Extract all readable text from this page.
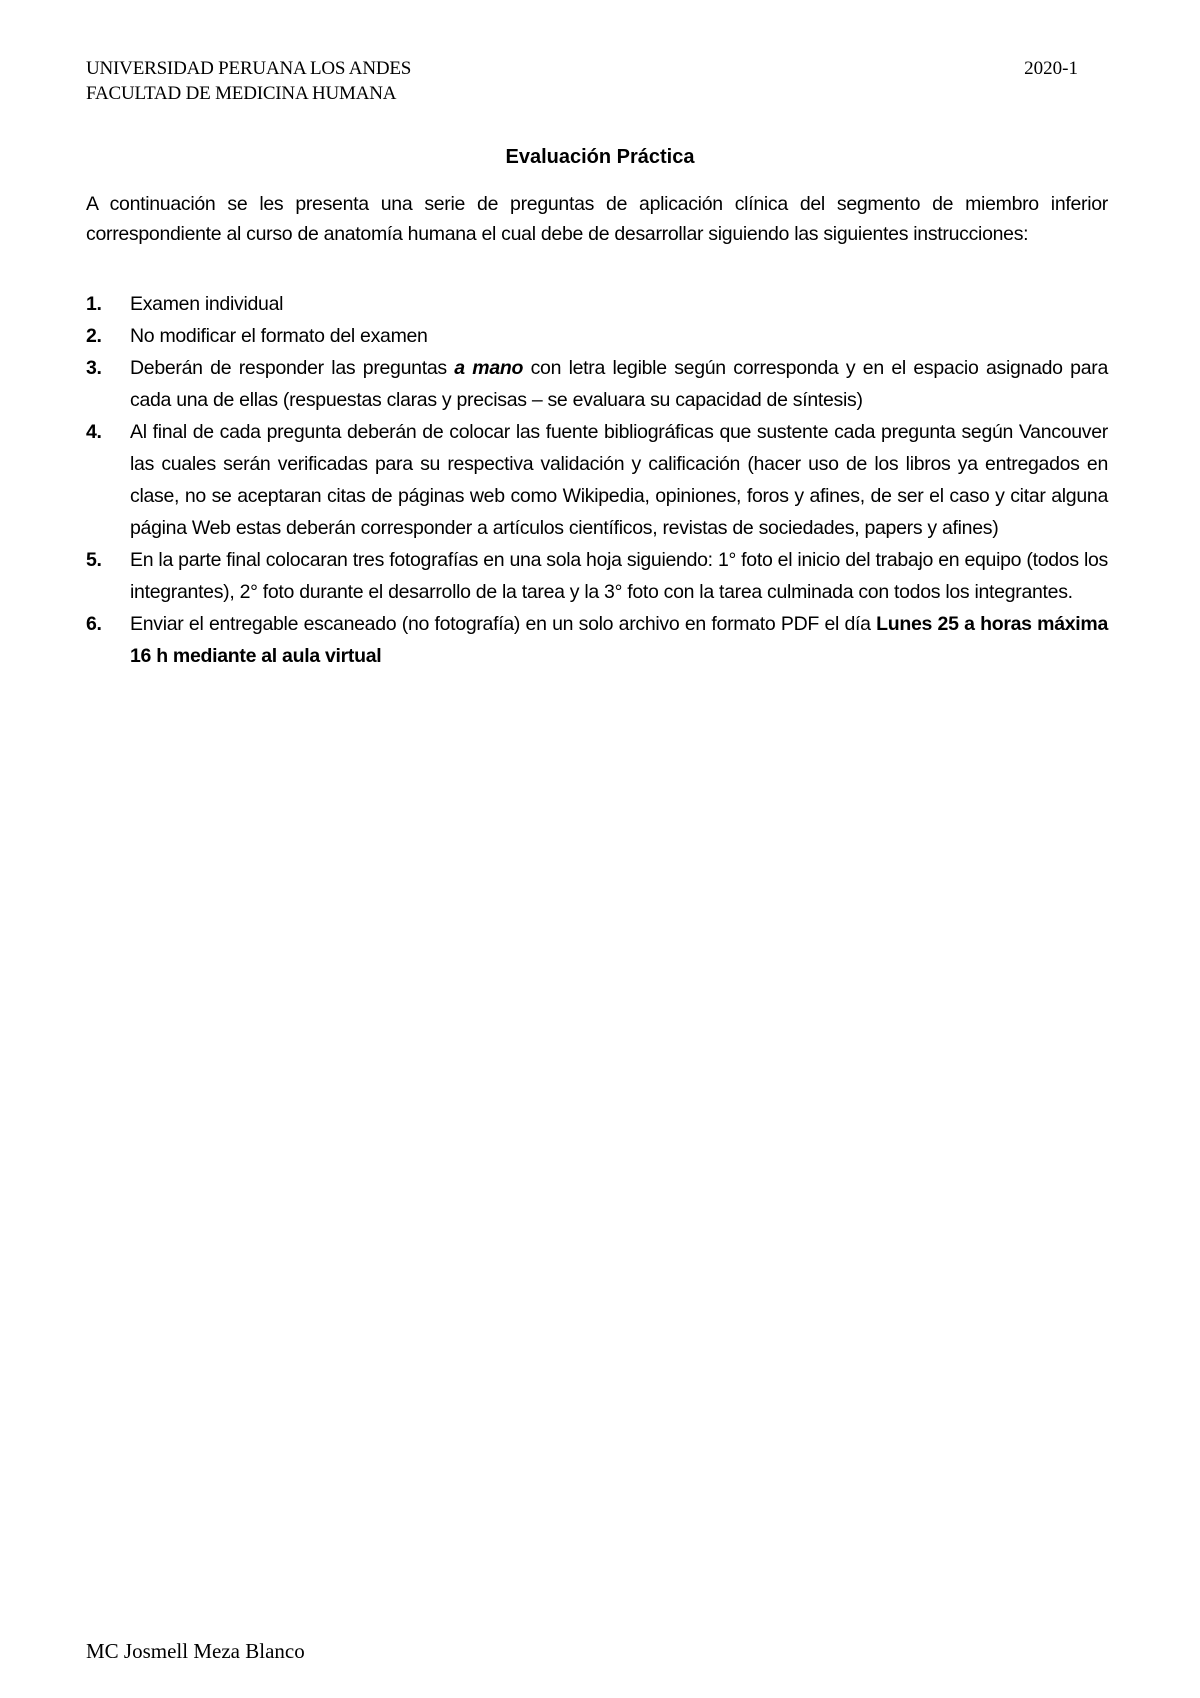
UNIVERSIDAD PERUANA LOS ANDES
FACULTAD DE MEDICINA HUMANA
2020-1
Evaluación Práctica
A continuación se les presenta una serie de preguntas de aplicación clínica del segmento de miembro inferior correspondiente al curso de anatomía humana el cual debe de desarrollar siguiendo las siguientes instrucciones:
1.	Examen individual
2.	No modificar el formato del examen
3.	Deberán de responder las preguntas a mano con letra legible según corresponda y en el espacio asignado para cada una de ellas (respuestas claras y precisas – se evaluara su capacidad de síntesis)
4.	Al final de cada pregunta deberán de colocar las fuente bibliográficas que sustente cada pregunta según Vancouver las cuales serán verificadas para su respectiva validación y calificación (hacer uso de los libros ya entregados en clase, no se aceptaran citas de páginas web como Wikipedia, opiniones, foros y afines, de ser el caso y citar alguna página Web estas deberán corresponder a artículos científicos, revistas de sociedades, papers y afines)
5.	En la parte final colocaran tres fotografías en una sola hoja siguiendo: 1° foto el inicio del trabajo en equipo (todos los integrantes), 2° foto durante el desarrollo de la tarea y la 3° foto con la tarea culminada con todos los integrantes.
6.	Enviar el entregable escaneado (no fotografía) en un solo archivo en formato PDF el día Lunes 25 a horas máxima 16 h mediante al aula virtual
MC Josmell Meza Blanco
